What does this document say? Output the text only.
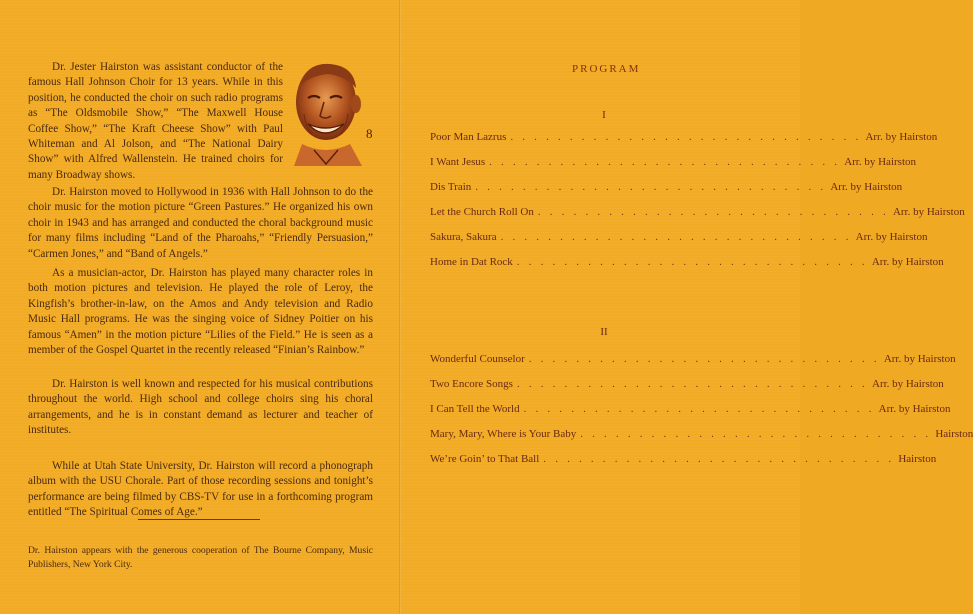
Dr. Jester Hairston was assistant conductor of the famous Hall Johnson Choir for 13 years. While in this position, he conducted the choir on such radio programs as “The Oldsmobile Show,” “The Maxwell House Coffee Show,” “The Kraft Cheese Show” with Paul Whiteman and Al Jolson, and “The National Dairy Show” with Alfred Wallenstein. He trained choirs for many Broadway shows.

Dr. Hairston moved to Hollywood in 1936 with Hall Johnson to do the choir music for the motion picture “Green Pastures.” He organized his own choir in 1943 and has arranged and conducted the choral background music for many films including “Land of the Pharoahs,” “Friendly Persuasion,” “Carmen Jones,” and “Band of Angels.”

As a musician-actor, Dr. Hairston has played many character roles in both motion pictures and television. He played the role of Leroy, the Kingfish’s brother-in-law, on the Amos and Andy television and Radio Music Hall programs. He was the singing voice of Sidney Poitier on his famous “Amen” in the motion picture “Lilies of the Field.” He is seen as a member of the Gospel Quartet in the recently released “Finian’s Rainbow.”

Dr. Hairston is well known and respected for his musical contributions throughout the world. High school and college choirs sing his choral arrangements, and he is in constant demand as lecturer and teacher of institutes.

While at Utah State University, Dr. Hairston will record a phonograph album with the USU Chorale. Part of those recording sessions and tonight’s performance are being filmed by CBS-TV for use in a forthcoming program entitled “The Spiritual Comes of Age.”

8

Dr. Hairston appears with the generous cooperation of The Bourne Company, Music Publishers, New York City.

PROGRAM
I
Poor Man Lazrus . . . . . . . . . . . . . . . . . . . . . . . . . . . . . . Arr. by Hairston
I Want Jesus . . . . . . . . . . . . . . . . . . . . . . . . . . . . . . Arr. by Hairston
Dis Train . . . . . . . . . . . . . . . . . . . . . . . . . . . . . . Arr. by Hairston
Let the Church Roll On . . . . . . . . . . . . . . . . . . . . . . . . . . . . . . Arr. by Hairston
Sakura, Sakura . . . . . . . . . . . . . . . . . . . . . . . . . . . . . . Arr. by Hairston
Home in Dat Rock . . . . . . . . . . . . . . . . . . . . . . . . . . . . . . Arr. by Hairston
II
Wonderful Counselor . . . . . . . . . . . . . . . . . . . . . . . . . . . . . . Arr. by Hairston
Two Encore Songs . . . . . . . . . . . . . . . . . . . . . . . . . . . . . . Arr. by Hairston
I Can Tell the World . . . . . . . . . . . . . . . . . . . . . . . . . . . . . . Arr. by Hairston
Mary, Mary, Where is Your Baby . . . . . . . . . . . . . . . . . . . . . . . . . . . . . . Hairston
We’re Goin’ to That Ball . . . . . . . . . . . . . . . . . . . . . . . . . . . . . . Hairston
